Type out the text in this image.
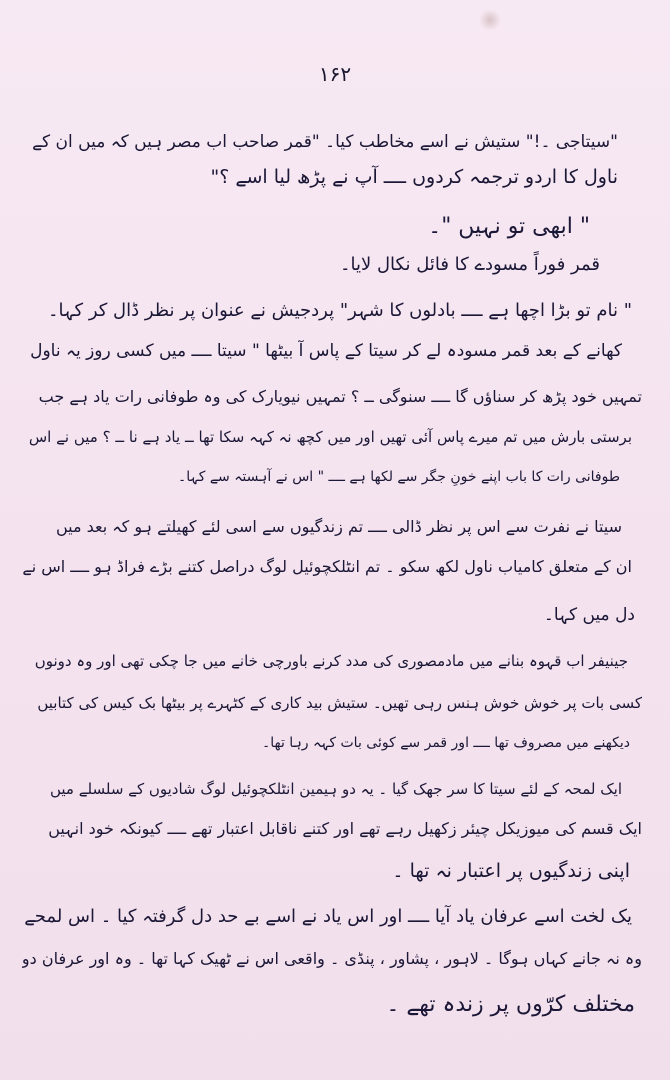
۱۶۲
"سیتاجی ۔!" ستیش نے اسے مخاطب کیا۔ "قمر صاحب اب مصر ہیں کہ میں ان کے
ناول کا اردو ترجمہ کردوں ــــ آپ نے پڑھ لیا اسے ؟"
" ابھی تو نہیں "۔
قمر فوراً مسودے کا فائل نکال لایا۔
" نام تو بڑا اچھا ہے ــــ بادلوں کا شہر" پردجیش نے عنوان پر نظر ڈال کر کہا۔
کھانے کے بعد قمر مسودہ لے کر سیتا کے پاس آ بیٹھا " سیتا ــــ میں کسی روز یہ ناول
تمہیں خود پڑھ کر سناؤں گا ــــ سنوگی ــ ؟ تمہیں نیویارک کی وہ طوفانی رات یاد ہے جب
برستی بارش میں تم میرے پاس آئی تھیں اور میں کچھ نہ کہہ سکا تھا ــ یاد ہے نا ــ ؟ میں نے اس
طوفانی رات کا باب اپنے خونِ جگر سے لکھا ہے ــــ " اس نے آہستہ سے کہا۔
سیتا نے نفرت سے اس پر نظر ڈالی ــــ تم زندگیوں سے اسی لئے کھیلتے ہو کہ بعد میں
ان کے متعلق کامیاب ناول لکھ سکو ۔ تم انٹلکچوئیل لوگ دراصل کتنے بڑے فراڈ ہو ــــ اس نے
دل میں کہا۔
جینیفر اب قہوہ بنانے میں مادمصوری کی مدد کرنے باورچی خانے میں جا چکی تھی اور وہ دونوں
کسی بات پر خوش خوش ہنس رہی تھیں۔ ستیش بید کاری کے کٹہرے پر بیٹھا بک کیس کی کتابیں
دیکھنے میں مصروف تھا ــــ اور قمر سے کوئی بات کہہ رہا تھا۔
ایک لمحہ کے لئے سیتا کا سر جھک گیا ۔ یہ دو ہیمین انٹلکچوئیل لوگ شادیوں کے سلسلے میں
ایک قسم کی میوزیکل چیئر زکھیل رہے تھے اور کتنے ناقابل اعتبار تھے ــــ کیونکہ خود انہیں
اپنی زندگیوں پر اعتبار نہ تھا ۔
یک لخت اسے عرفان یاد آیا ــــ اور اس یاد نے اسے بے حد دل گرفتہ کیا ۔ اس لمحے
وہ نہ جانے کہاں ہوگا ۔ لاہور ، پشاور ، پنڈی ۔ واقعی اس نے ٹھیک کہا تھا ۔ وہ اور عرفان دو
مختلف کرّوں پر زندہ تھے ۔
